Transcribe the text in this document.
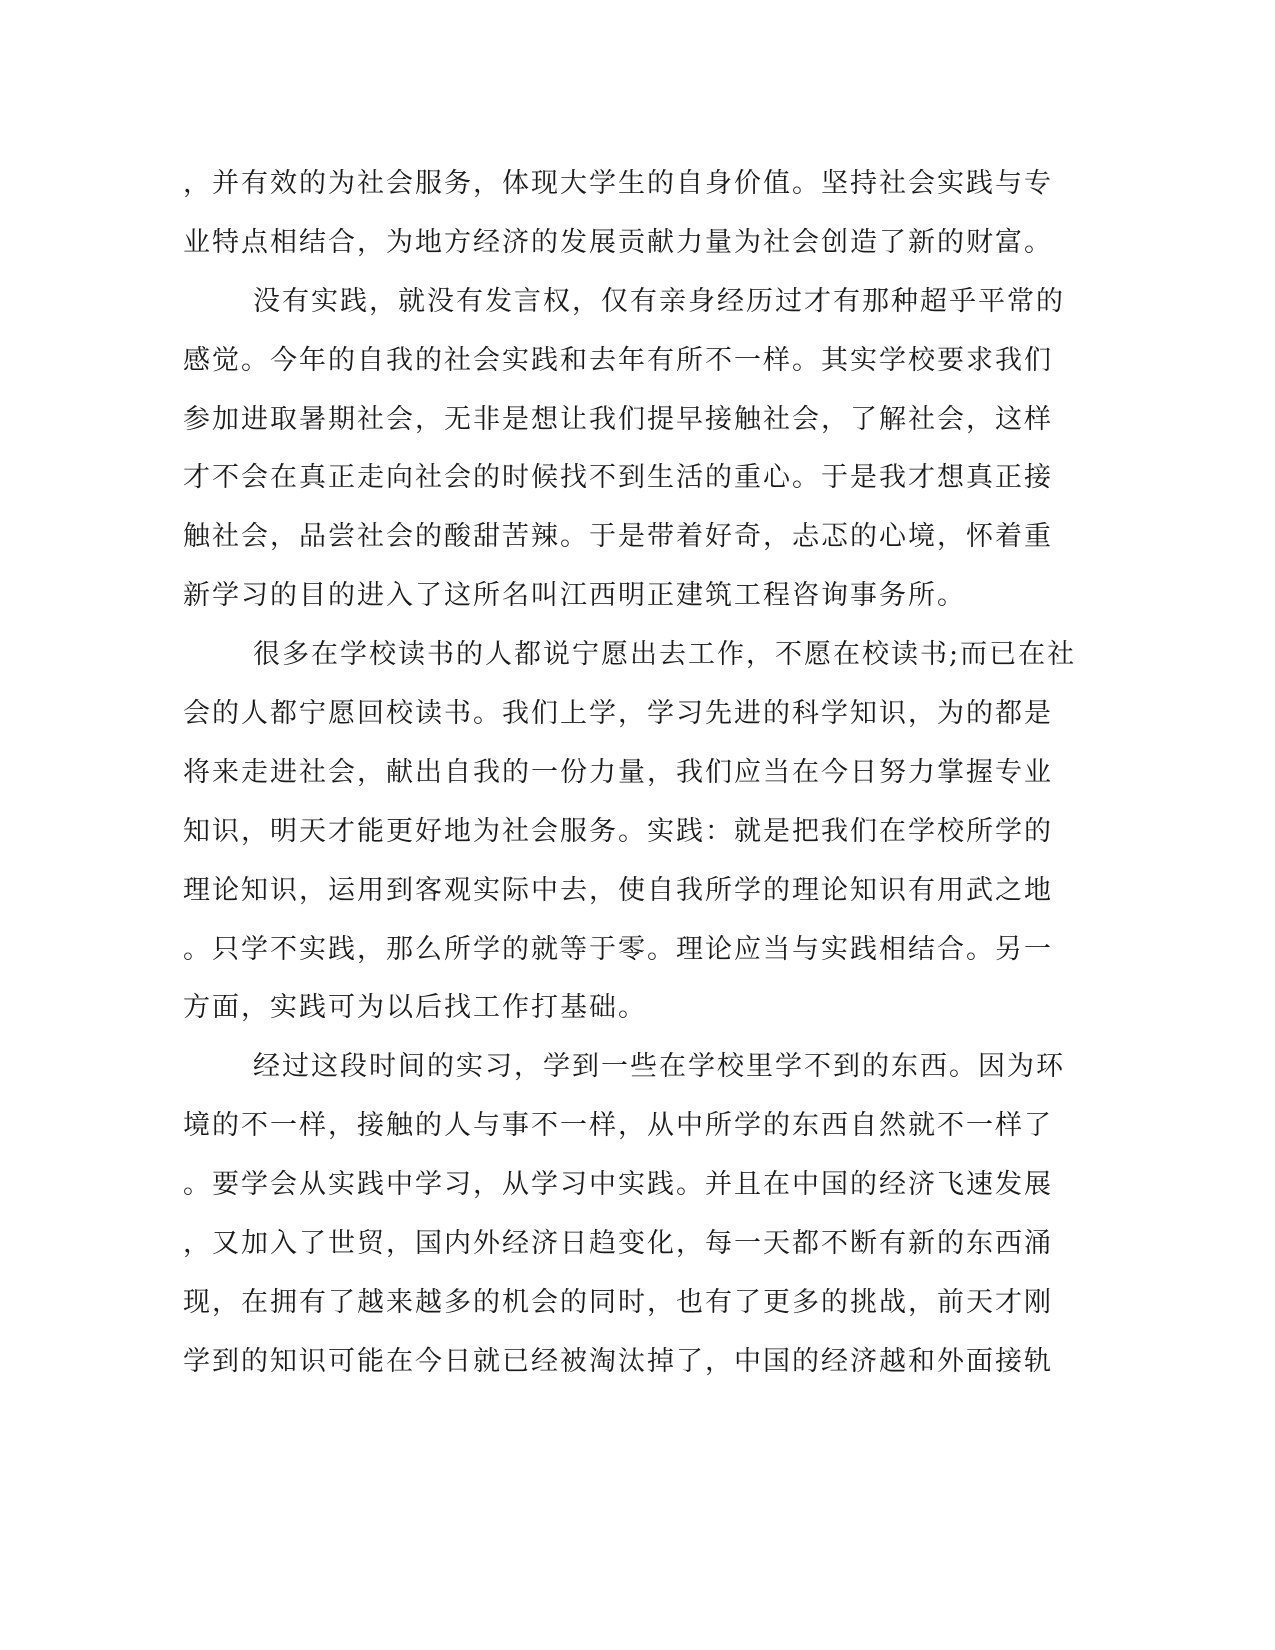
，并有效的为社会服务，体现大学生的自身价值。坚持社会实践与专
业特点相结合，为地方经济的发展贡献力量为社会创造了新的财富。
没有实践，就没有发言权，仅有亲身经历过才有那种超乎平常的
感觉。今年的自我的社会实践和去年有所不一样。其实学校要求我们
参加进取暑期社会，无非是想让我们提早接触社会，了解社会，这样
才不会在真正走向社会的时候找不到生活的重心。于是我才想真正接
触社会，品尝社会的酸甜苦辣。于是带着好奇，忐忑的心境，怀着重
新学习的目的进入了这所名叫江西明正建筑工程咨询事务所。
很多在学校读书的人都说宁愿出去工作，不愿在校读书;而已在社
会的人都宁愿回校读书。我们上学，学习先进的科学知识，为的都是
将来走进社会，献出自我的一份力量，我们应当在今日努力掌握专业
知识，明天才能更好地为社会服务。实践：就是把我们在学校所学的
理论知识，运用到客观实际中去，使自我所学的理论知识有用武之地
。只学不实践，那么所学的就等于零。理论应当与实践相结合。另一
方面，实践可为以后找工作打基础。
经过这段时间的实习，学到一些在学校里学不到的东西。因为环
境的不一样，接触的人与事不一样，从中所学的东西自然就不一样了
。要学会从实践中学习，从学习中实践。并且在中国的经济飞速发展
，又加入了世贸，国内外经济日趋变化，每一天都不断有新的东西涌
现，在拥有了越来越多的机会的同时，也有了更多的挑战，前天才刚
学到的知识可能在今日就已经被淘汰掉了，中国的经济越和外面接轨
